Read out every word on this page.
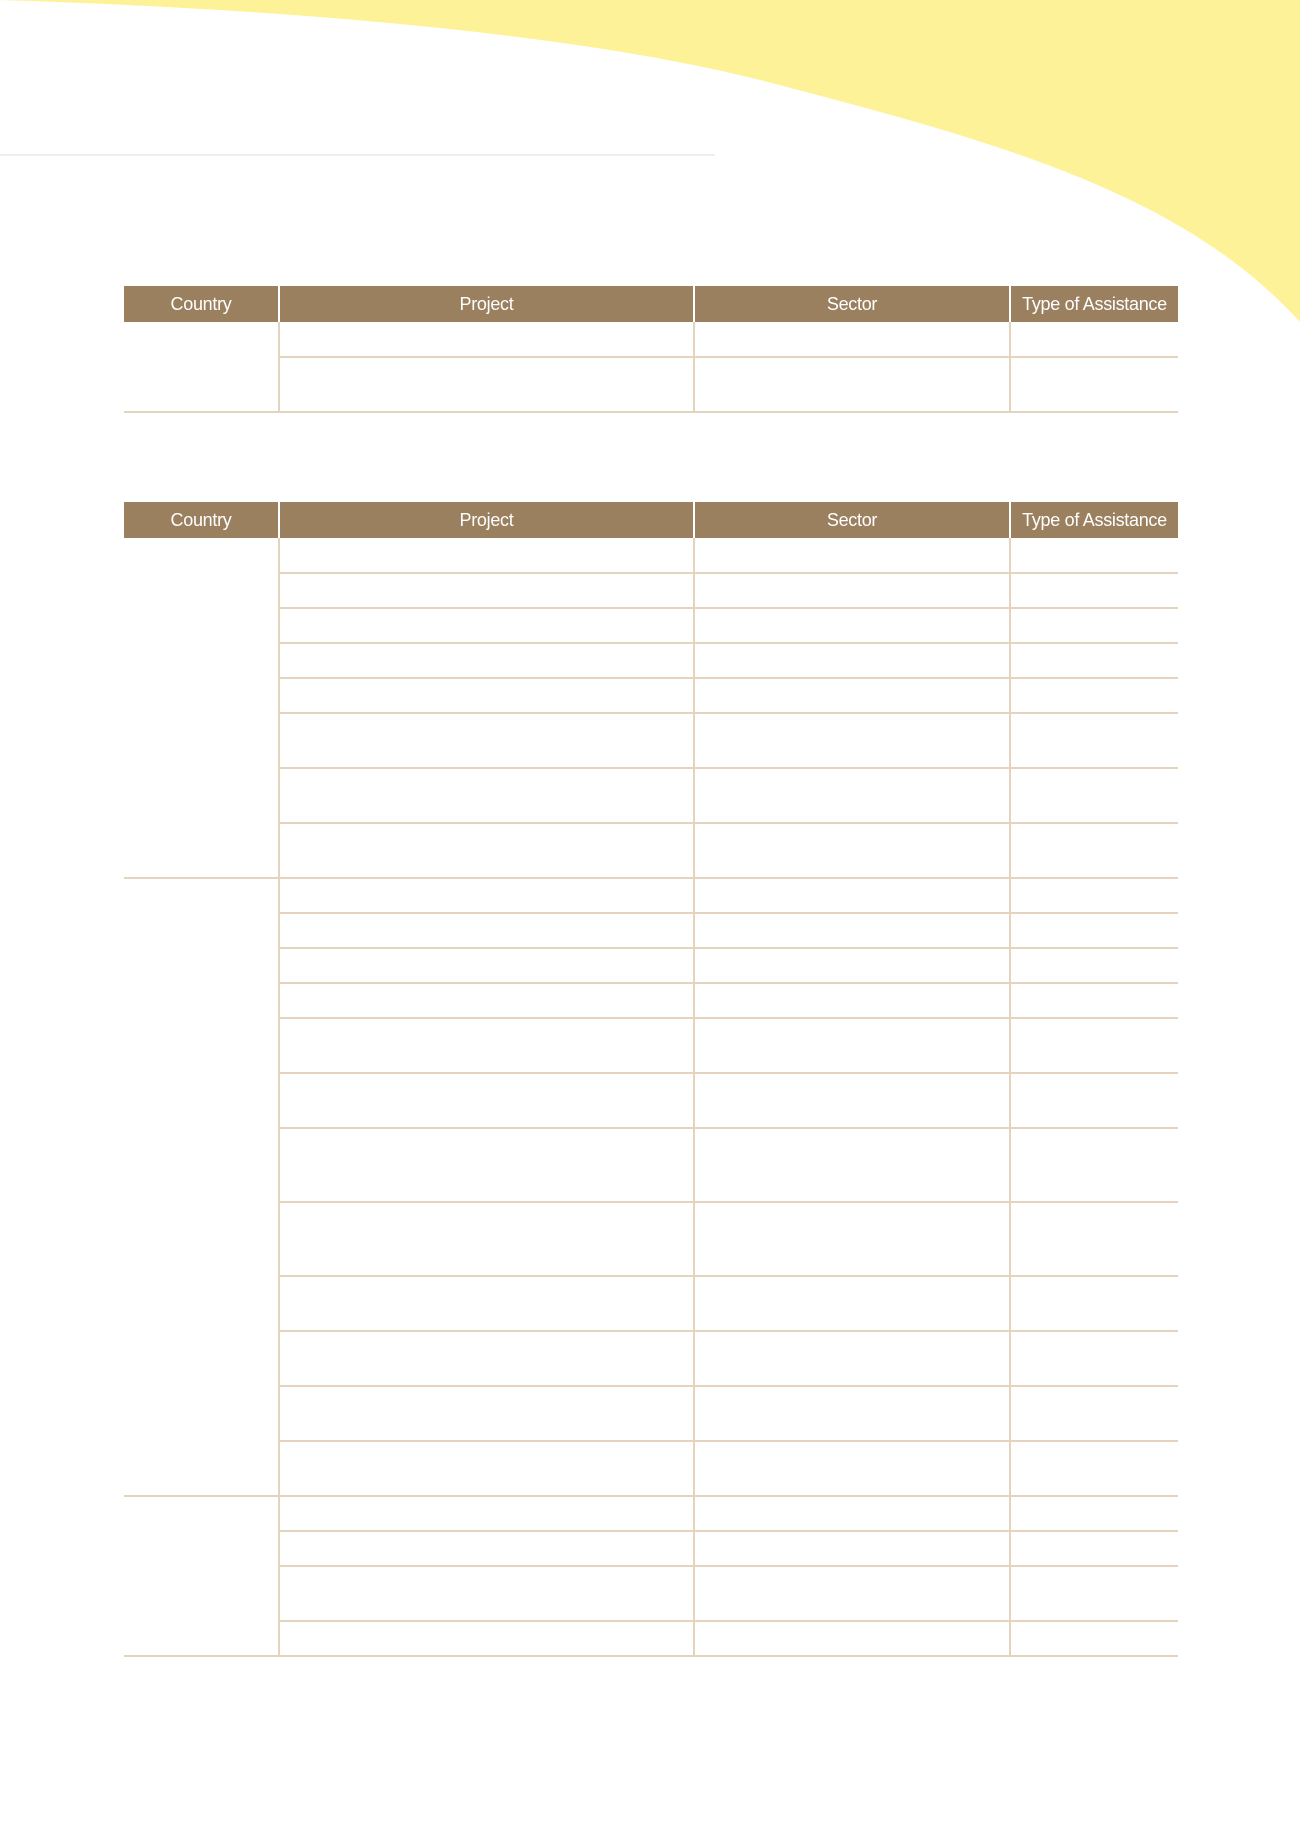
Country	Project	Sector	Type of Assistance

Country	Project	Sector	Type of Assistance
